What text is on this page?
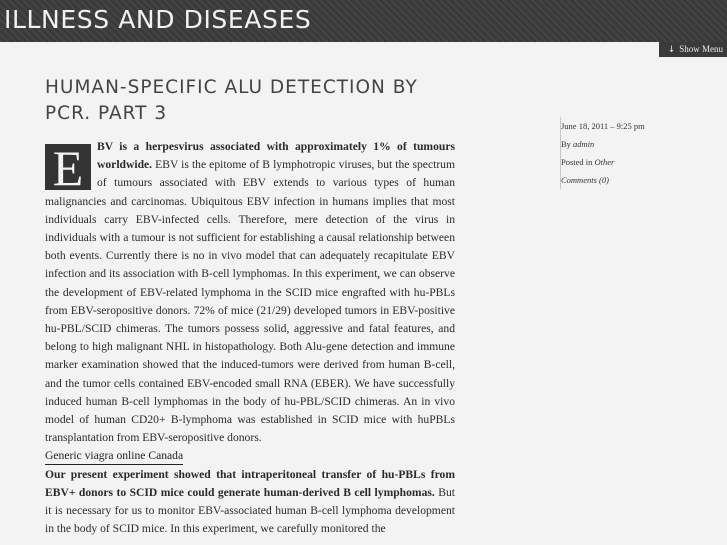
ILLNESS AND DISEASES
↓ Show Menu
HUMAN-SPECIFIC ALU DETECTION BY PCR. PART 3
June 18, 2011 – 9:25 pm
By admin
Posted in Other
Comments (0)

E	BV is a herpesvirus associated with approximately 1% of tumours worldwide. EBV is the epitome of B lymphotropic viruses, but the spectrum of tumours associated with EBV extends to various types of human malignancies and carcinomas. Ubiquitous EBV infection in humans implies that most individuals carry EBV-infected cells. Therefore, mere detection of the virus in individuals with a tumour is not sufficient for establishing a causal relationship between both events. Currently there is no in vivo model that can adequately recapitulate EBV infection and its association with B-cell lymphomas. In this experiment, we can observe the development of EBV-related lymphoma in the SCID mice engrafted with hu-PBLs from EBV-seropositive donors. 72% of mice (21/29) developed tumors in EBV-positive hu-PBL/SCID chimeras. The tumors possess solid, aggressive and fatal features, and belong to high malignant NHL in histopathology. Both Alu-gene detection and immune marker examination showed that the induced-tumors were derived from human B-cell, and the tumor cells contained EBV-encoded small RNA (EBER). We have successfully induced human B-cell lymphomas in the body of hu-PBL/SCID chimeras. An in vivo model of human CD20+ B-lymphoma was established in SCID mice with huPBLs transplantation from EBV-seropositive donors.

Generic viagra online Canada

Our present experiment showed that intraperitoneal transfer of hu-PBLs from EBV+ donors to SCID mice could generate human-derived B cell lymphomas. But it is necessary for us to monitor EBV-associated human B-cell lymphoma development in the body of SCID mice. In this experiment, we carefully monitored the
